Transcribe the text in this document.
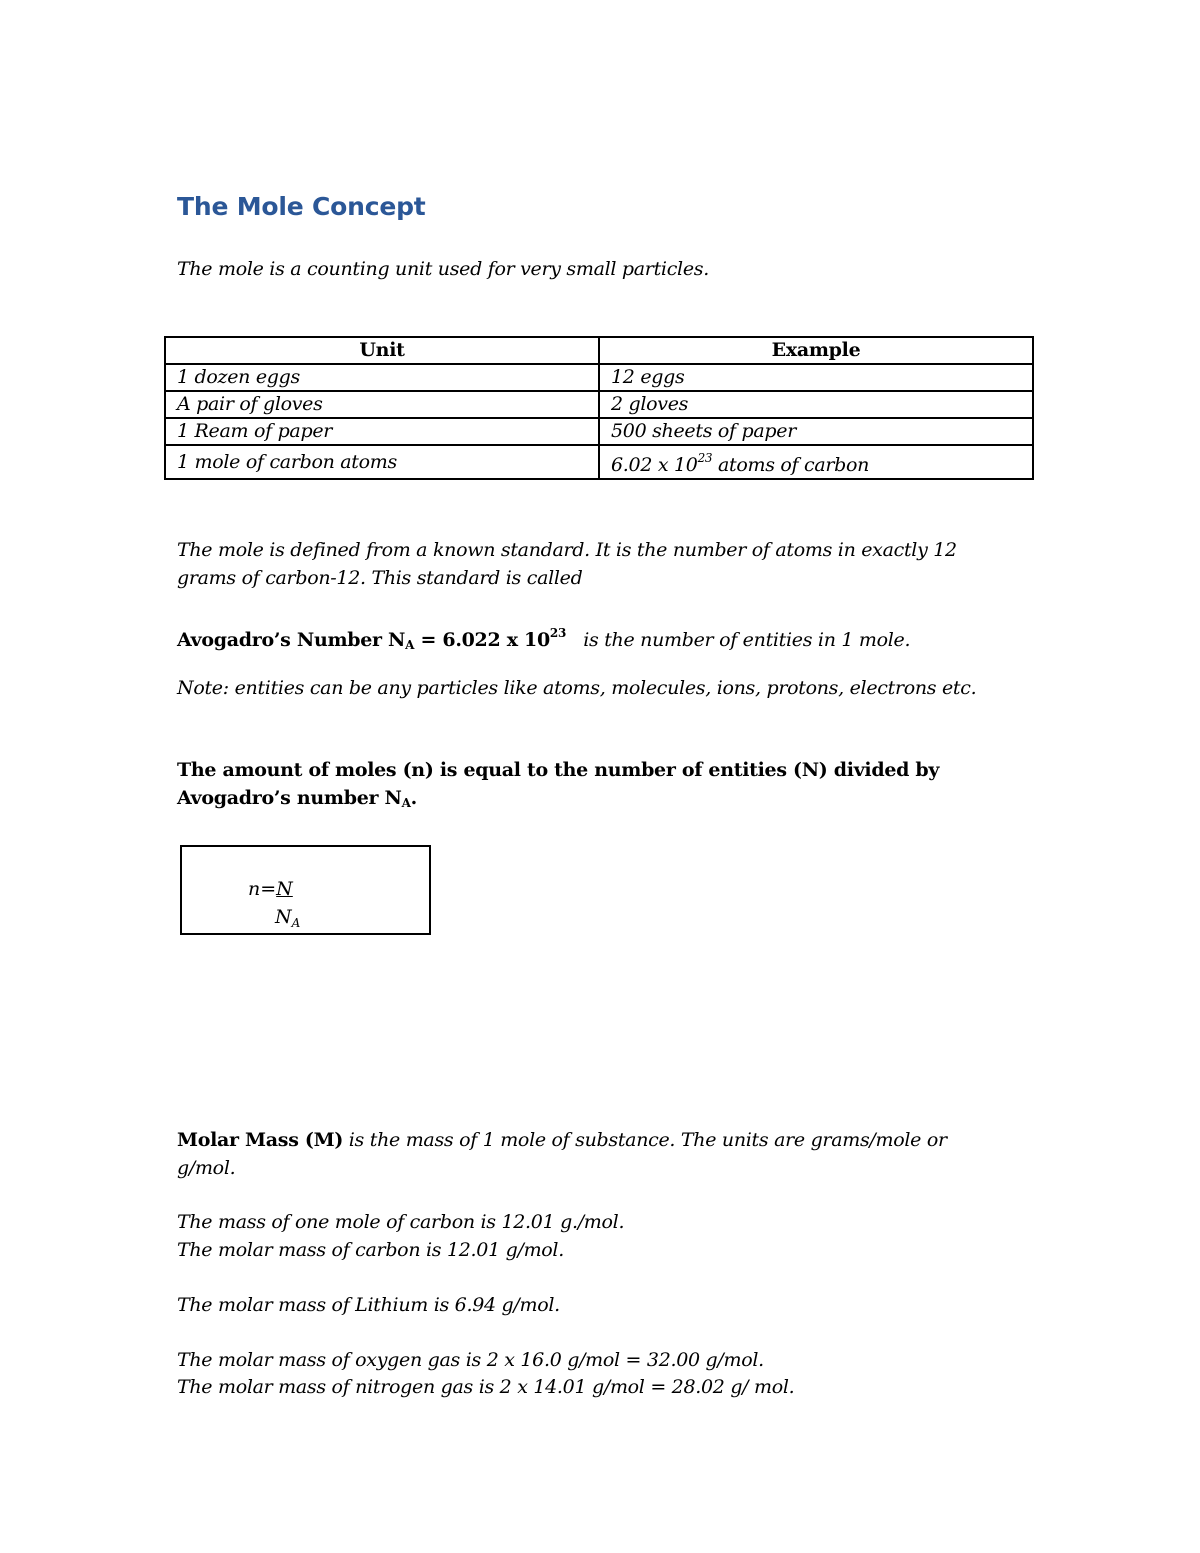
The Mole Concept

The mole is a counting unit used for very small particles.

Unit	Example
1 dozen eggs	12 eggs
A pair of gloves	2 gloves
1 Ream of paper	500 sheets of paper
1 mole of carbon atoms	6.02 x $10^{23}$ atoms of carbon

The mole is defined from a known standard. It is the number of atoms in exactly 12

grams of carbon-12. This standard is called

Avogadro’s Number $N_A = 6.022$ x $10^{23}$ is the number of entities in 1 mole.

Note: entities can be any particles like atoms, molecules, ions, protons, electrons etc.

The amount of moles (n) is equal to the number of entities (N) divided by

Avogadro’s number $N_A$.

n=N
$N_A$

Molar Mass (M) is the mass of 1 mole of substance. The units are grams/mole or

g/mol.

The mass of one mole of carbon is 12.01 g./mol.

The molar mass of carbon is 12.01 g/mol.

The molar mass of Lithium is 6.94 g/mol.

The molar mass of oxygen gas is 2 x 16.0 g/mol = 32.00 g/mol.

The molar mass of nitrogen gas is 2 x 14.01 g/mol = 28.02 g/ mol.
